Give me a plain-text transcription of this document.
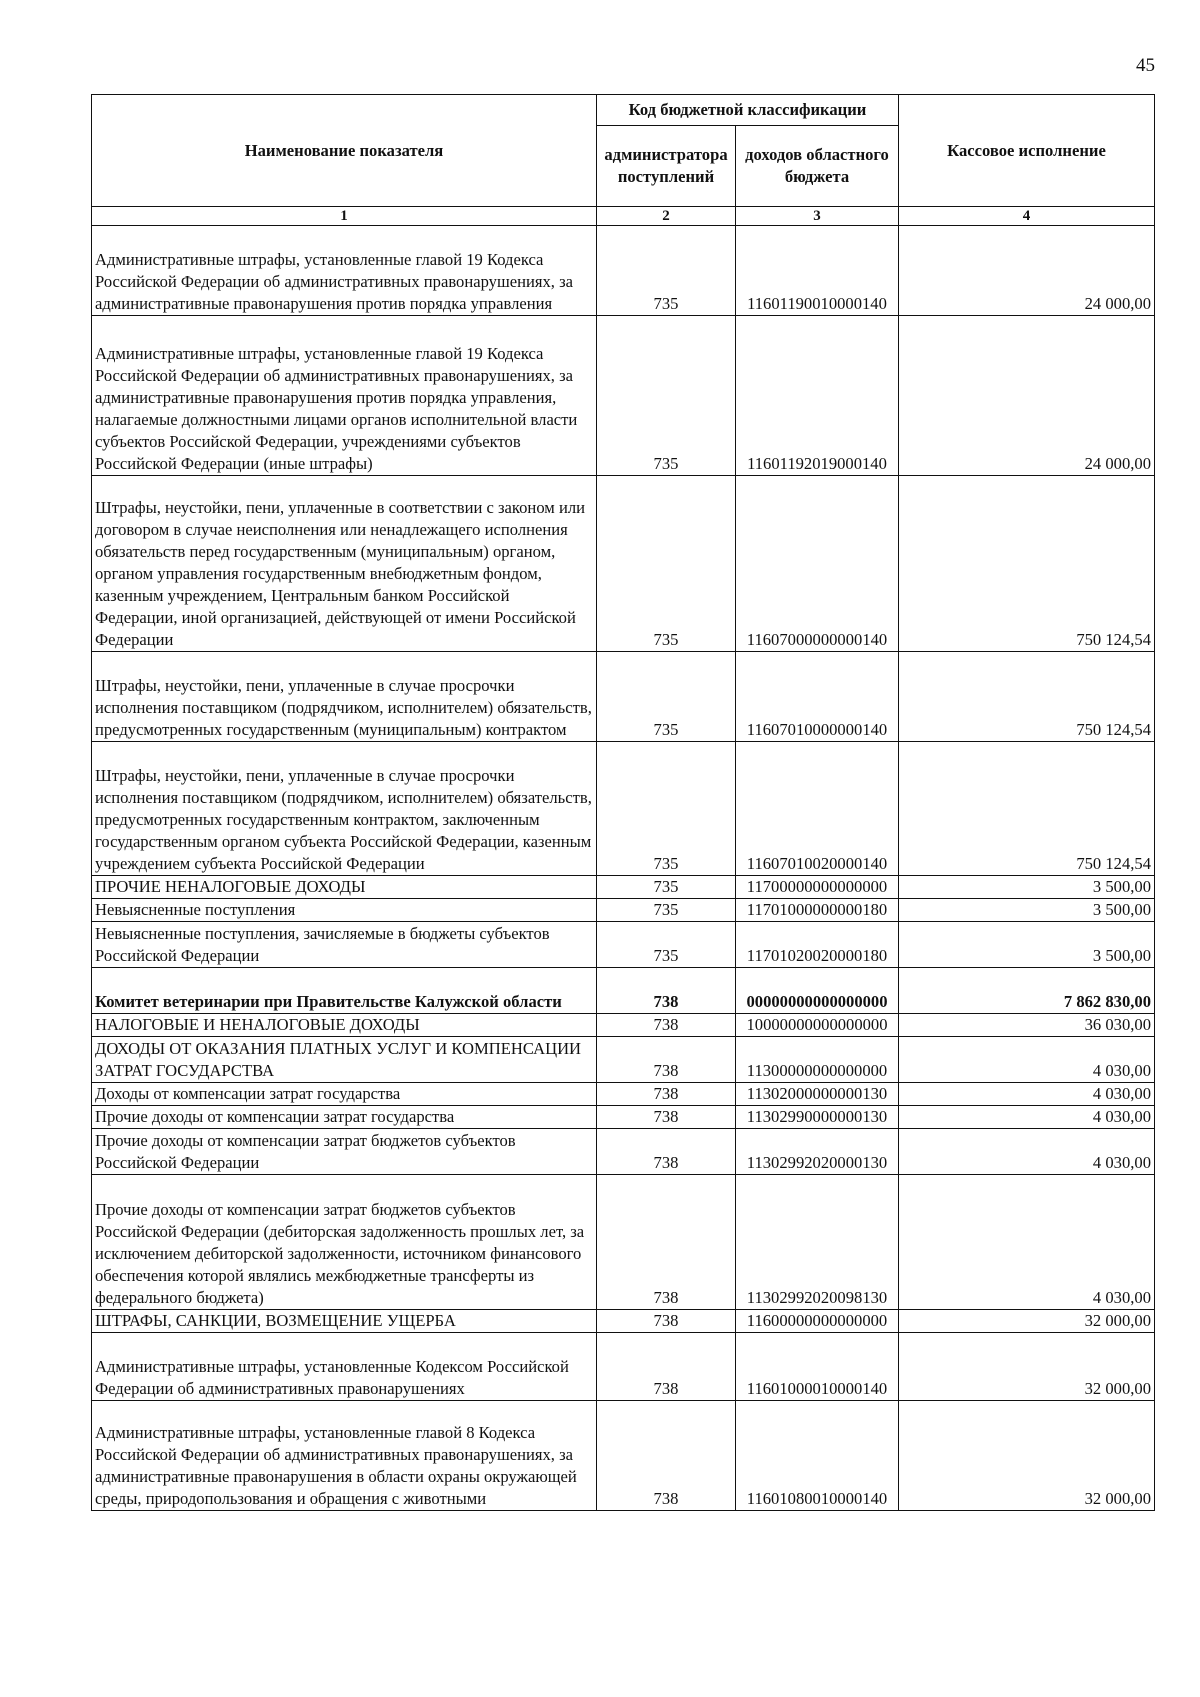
45
Наименование показателя	Код бюджетной классификации		Кассовое исполнение
	администратора поступлений	доходов областного бюджета	
1	2	3	4
Административные штрафы, установленные главой 19 Кодекса Российской Федерации об административных правонарушениях, за административные правонарушения против порядка управления	735	11601190010000140	24 000,00
Административные штрафы, установленные главой 19 Кодекса Российской Федерации об административных правонарушениях, за административные правонарушения против порядка управления, налагаемые должностными лицами органов исполнительной власти субъектов Российской Федерации, учреждениями субъектов Российской Федерации (иные штрафы)	735	11601192019000140	24 000,00
Штрафы, неустойки, пени, уплаченные в соответствии с законом или договором в случае неисполнения или ненадлежащего исполнения обязательств перед государственным (муниципальным) органом, органом управления государственным внебюджетным фондом, казенным учреждением, Центральным банком Российской Федерации, иной организацией, действующей от имени Российской Федерации	735	11607000000000140	750 124,54
Штрафы, неустойки, пени, уплаченные в случае просрочки исполнения поставщиком (подрядчиком, исполнителем) обязательств, предусмотренных государственным (муниципальным) контрактом	735	11607010000000140	750 124,54
Штрафы, неустойки, пени, уплаченные в случае просрочки исполнения поставщиком (подрядчиком, исполнителем) обязательств, предусмотренных государственным контрактом, заключенным государственным органом субъекта Российской Федерации, казенным учреждением субъекта Российской Федерации	735	11607010020000140	750 124,54
ПРОЧИЕ НЕНАЛОГОВЫЕ ДОХОДЫ	735	11700000000000000	3 500,00
Невыясненные поступления	735	11701000000000180	3 500,00
Невыясненные поступления, зачисляемые в бюджеты субъектов Российской Федерации	735	11701020020000180	3 500,00
Комитет ветеринарии при Правительстве Калужской области	738	00000000000000000	7 862 830,00
НАЛОГОВЫЕ И НЕНАЛОГОВЫЕ ДОХОДЫ	738	10000000000000000	36 030,00
ДОХОДЫ ОТ ОКАЗАНИЯ ПЛАТНЫХ УСЛУГ И КОМПЕНСАЦИИ ЗАТРАТ ГОСУДАРСТВА	738	11300000000000000	4 030,00
Доходы от компенсации затрат государства	738	11302000000000130	4 030,00
Прочие доходы от компенсации затрат государства	738	11302990000000130	4 030,00
Прочие доходы от компенсации затрат бюджетов субъектов Российской Федерации	738	11302992020000130	4 030,00
Прочие доходы от компенсации затрат бюджетов субъектов Российской Федерации (дебиторская задолженность прошлых лет, за исключением дебиторской задолженности, источником финансового обеспечения которой являлись межбюджетные трансферты из федерального бюджета)	738	11302992020098130	4 030,00
ШТРАФЫ, САНКЦИИ, ВОЗМЕЩЕНИЕ УЩЕРБА	738	11600000000000000	32 000,00
Административные штрафы, установленные Кодексом Российской Федерации об административных правонарушениях	738	11601000010000140	32 000,00
Административные штрафы, установленные главой 8 Кодекса Российской Федерации об административных правонарушениях, за административные правонарушения в области охраны окружающей среды, природопользования и обращения с животными	738	11601080010000140	32 000,00
